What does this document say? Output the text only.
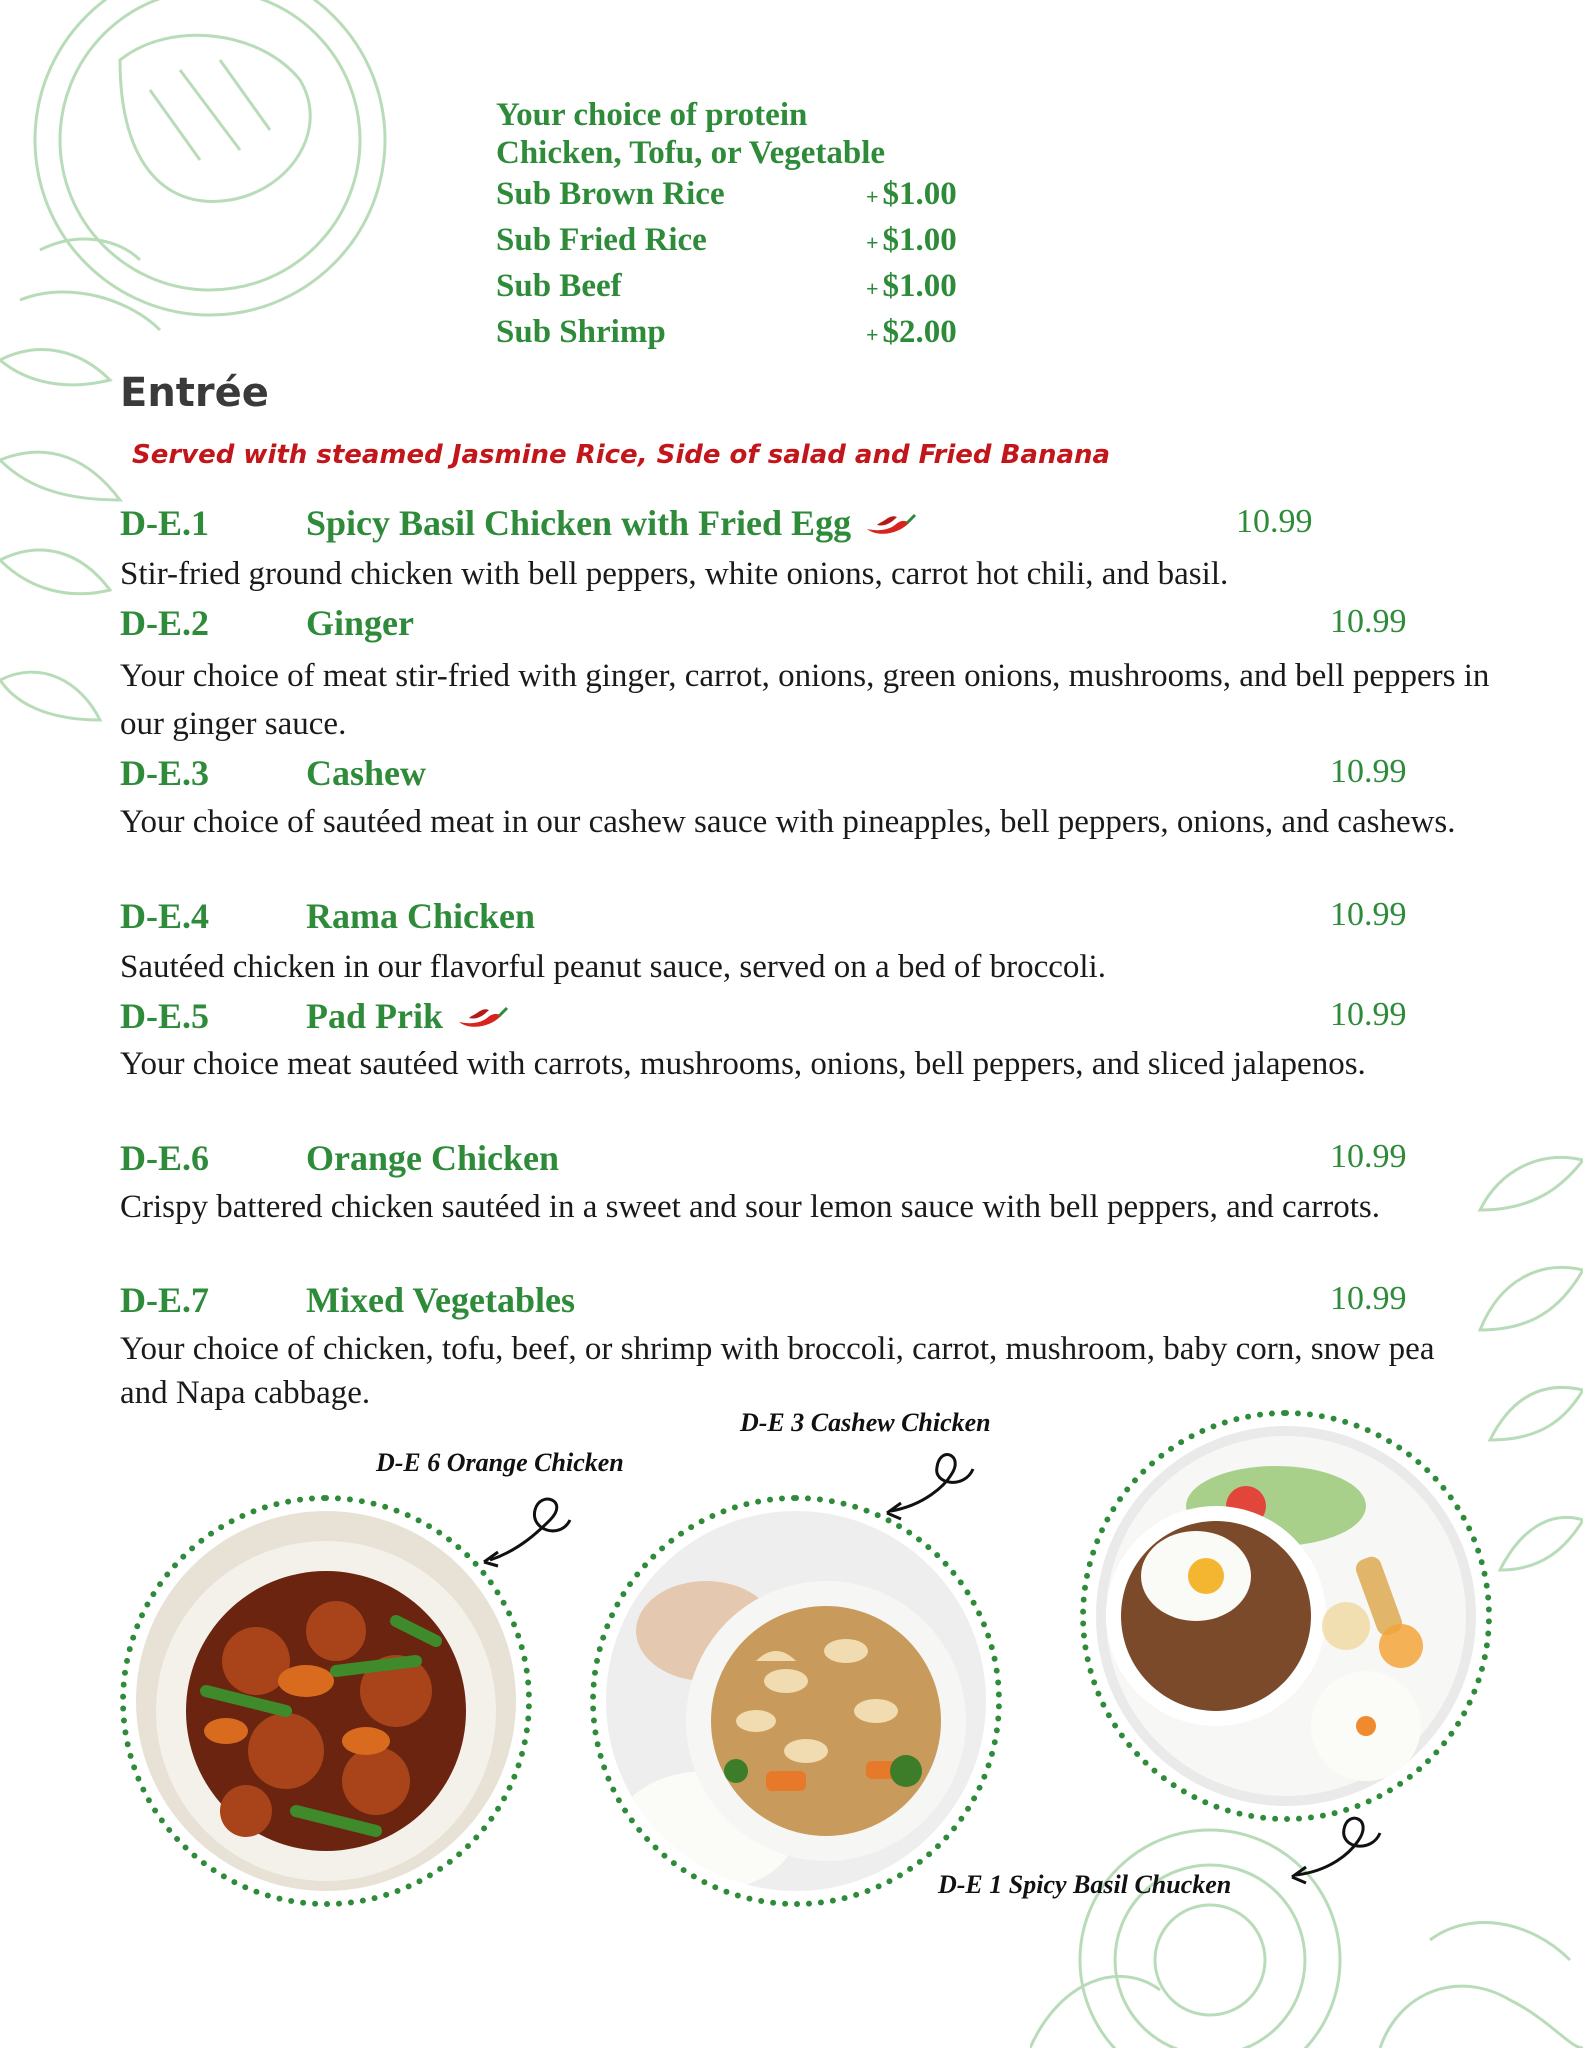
Your choice of protein
Chicken, Tofu, or Vegetable
Sub Brown Rice	+ $1.00
Sub Fried Rice	+ $1.00
Sub Beef	+ $1.00
Sub Shrimp	+ $2.00
Entrée
Served with steamed Jasmine Rice, Side of salad and Fried Banana
D-E.1	Spicy Basil Chicken with Fried Egg	10.99
Stir-fried ground chicken with bell peppers, white onions, carrot hot chili, and basil.
D-E.2	Ginger	10.99
Your choice of meat stir-fried with ginger, carrot, onions, green onions, mushrooms, and bell peppers in our ginger sauce.
D-E.3	Cashew	10.99
Your choice of sautéed meat in our cashew sauce with pineapples, bell peppers, onions, and cashews.
D-E.4	Rama Chicken	10.99
Sautéed chicken in our flavorful peanut sauce, served on a bed of broccoli.
D-E.5	Pad Prik	10.99
Your choice meat sautéed with carrots, mushrooms, onions, bell peppers, and sliced jalapenos.
D-E.6	Orange Chicken	10.99
Crispy battered chicken sautéed in a sweet and sour lemon sauce with bell peppers, and carrots.
D-E.7	Mixed Vegetables	10.99
Your choice of chicken, tofu, beef, or shrimp with broccoli, carrot, mushroom, baby corn, snow pea and Napa cabbage.
D-E 6 Orange Chicken
D-E 3 Cashew Chicken
D-E 1 Spicy Basil Chucken
